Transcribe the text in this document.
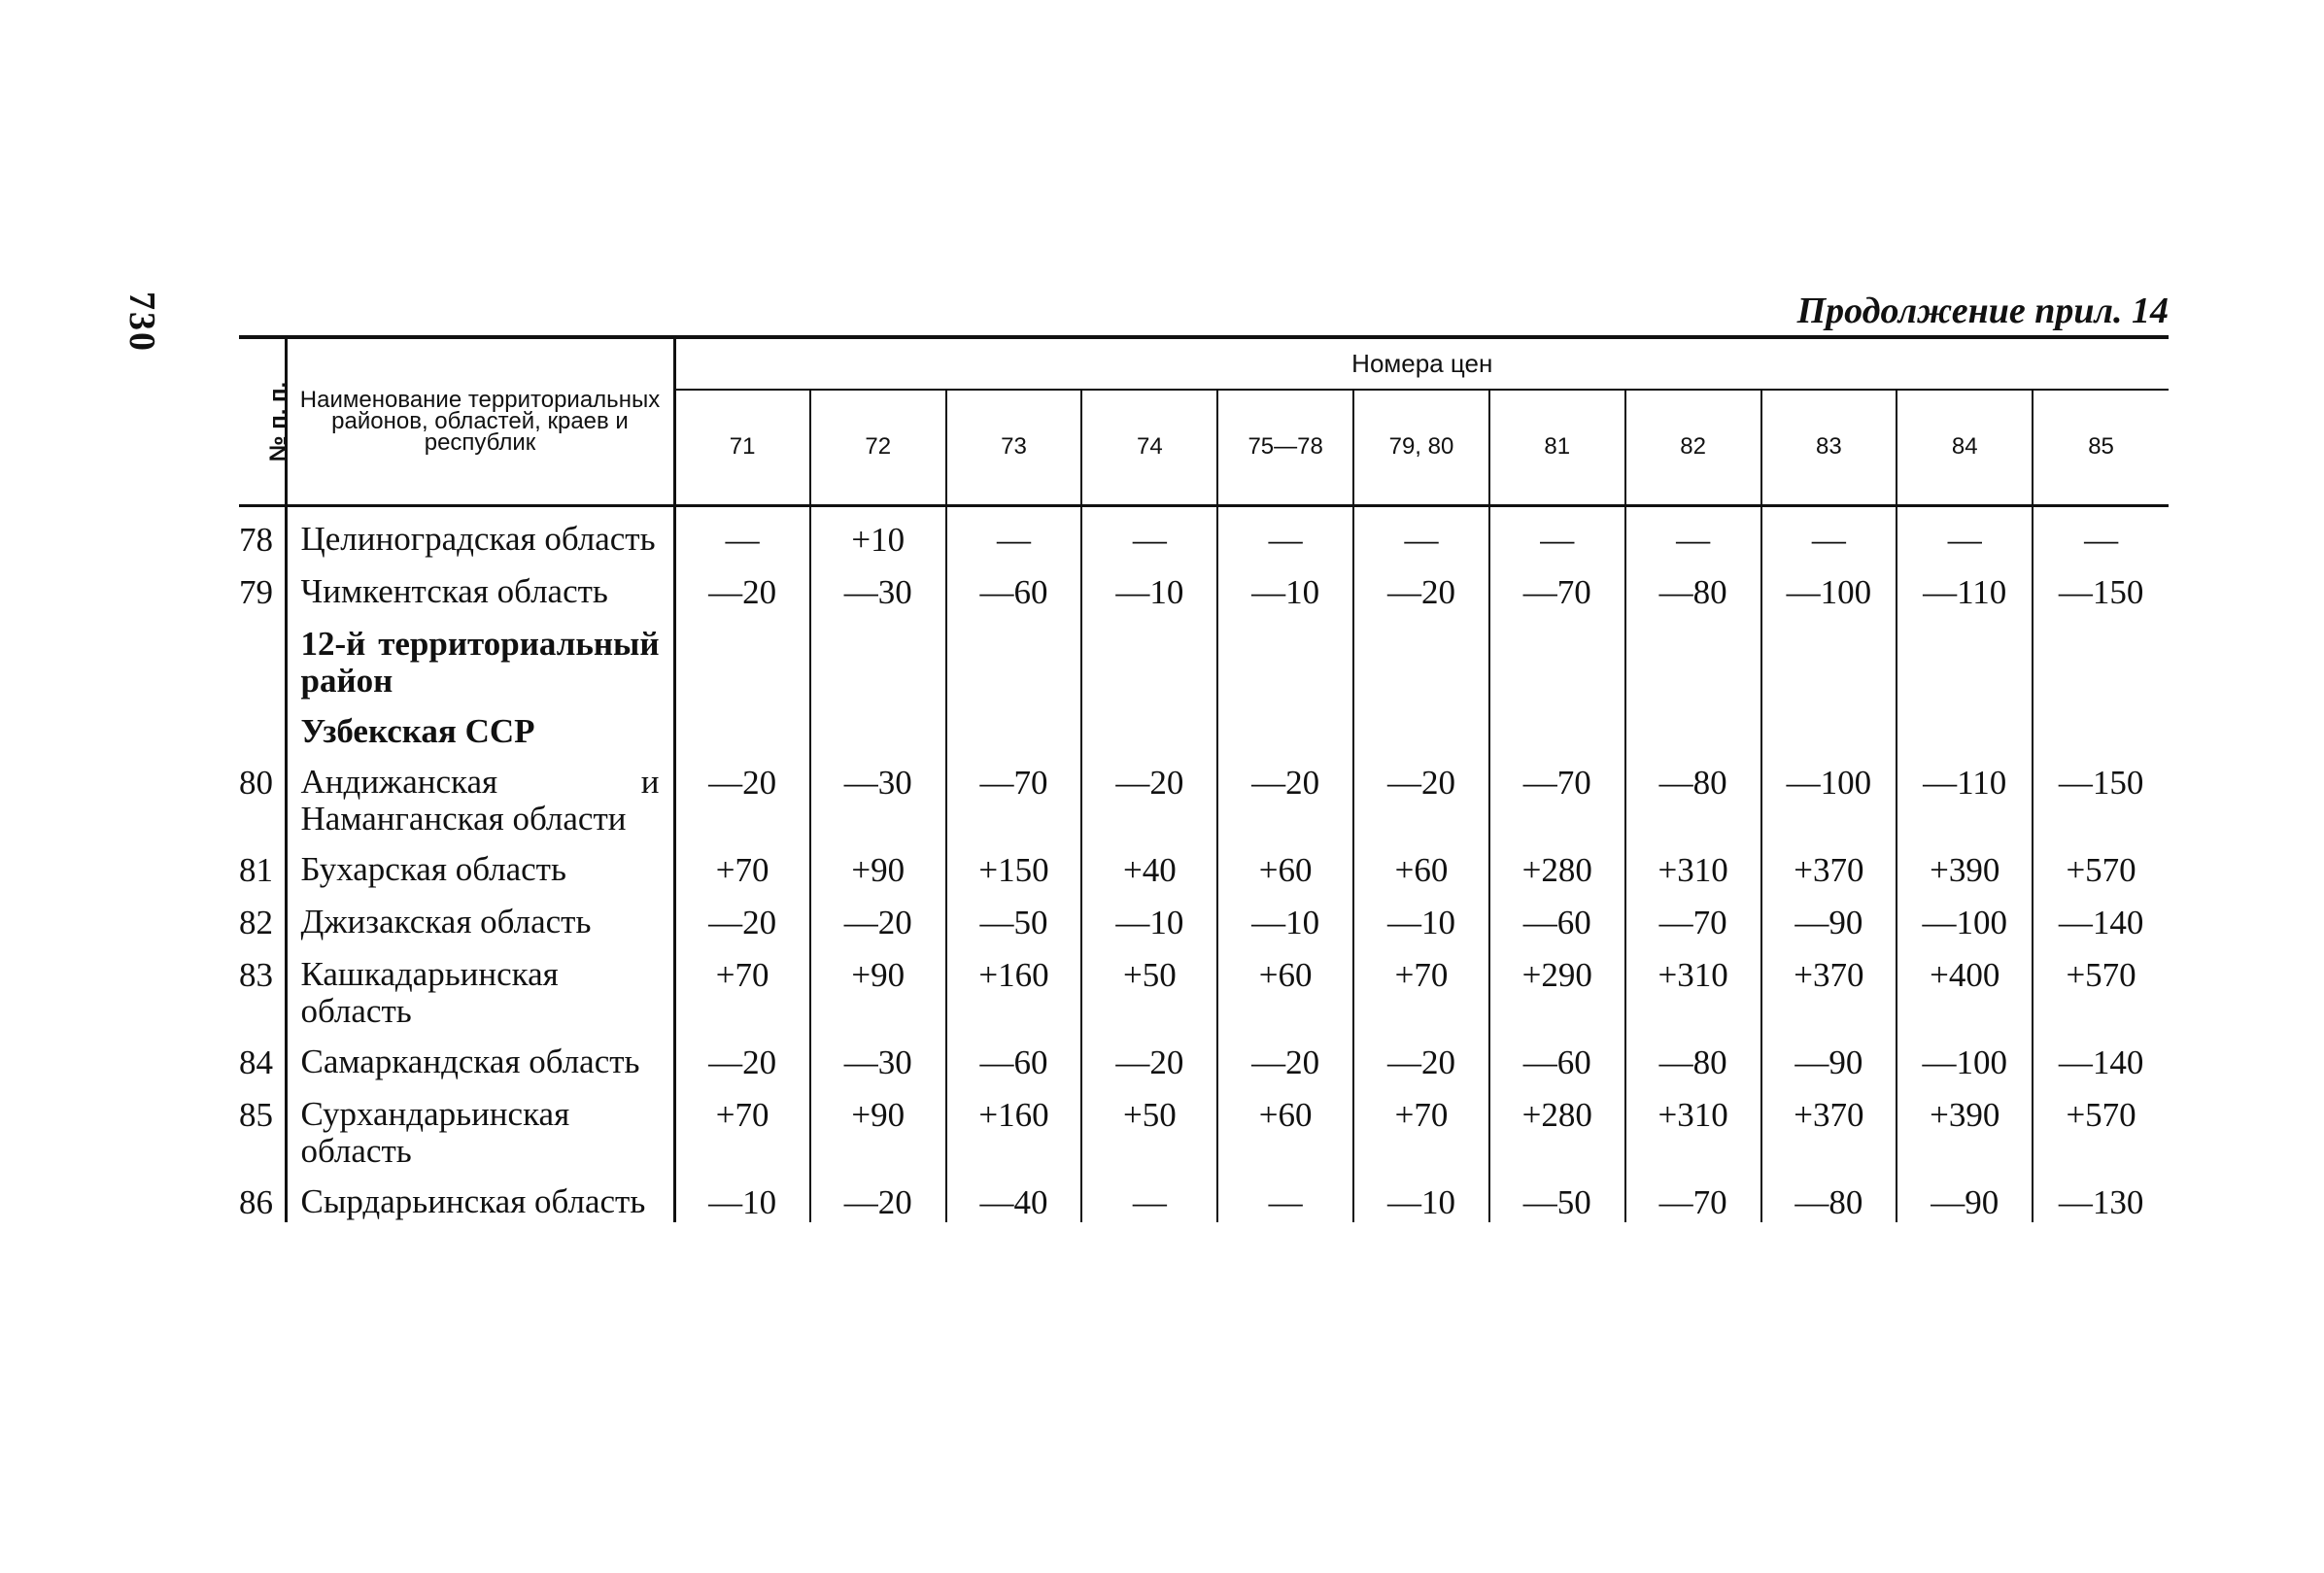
730	Продолжение прил. 14
№ п. п.	Наименование территориальных районов, областей, краев и республик	Номера цен										
		71	72	73	74	75—78	79, 80	81	82	83	84	85
78	Целиноградская область	—	+10	—	—	—	—	—	—	—	—	—
79	Чимкентская область	—20	—30	—60	—10	—10	—20	—70	—80	—100	—110	—150
	12-й территориальный район											
	Узбекская ССР											
80	Андижанская и Наманганская области	—20	—30	—70	—20	—20	—20	—70	—80	—100	—110	—150
81	Бухарская область	+70	+90	+150	+40	+60	+60	+280	+310	+370	+390	+570
82	Джизакская область	—20	—20	—50	—10	—10	—10	—60	—70	—90	—100	—140
83	Кашкадарьинская область	+70	+90	+160	+50	+60	+70	+290	+310	+370	+400	+570
84	Самаркандская область	—20	—30	—60	—20	—20	—20	—60	—80	—90	—100	—140
85	Сурхандарьинская область	+70	+90	+160	+50	+60	+70	+280	+310	+370	+390	+570
86	Сырдарьинская область	—10	—20	—40	—	—	—10	—50	—70	—80	—90	—130
